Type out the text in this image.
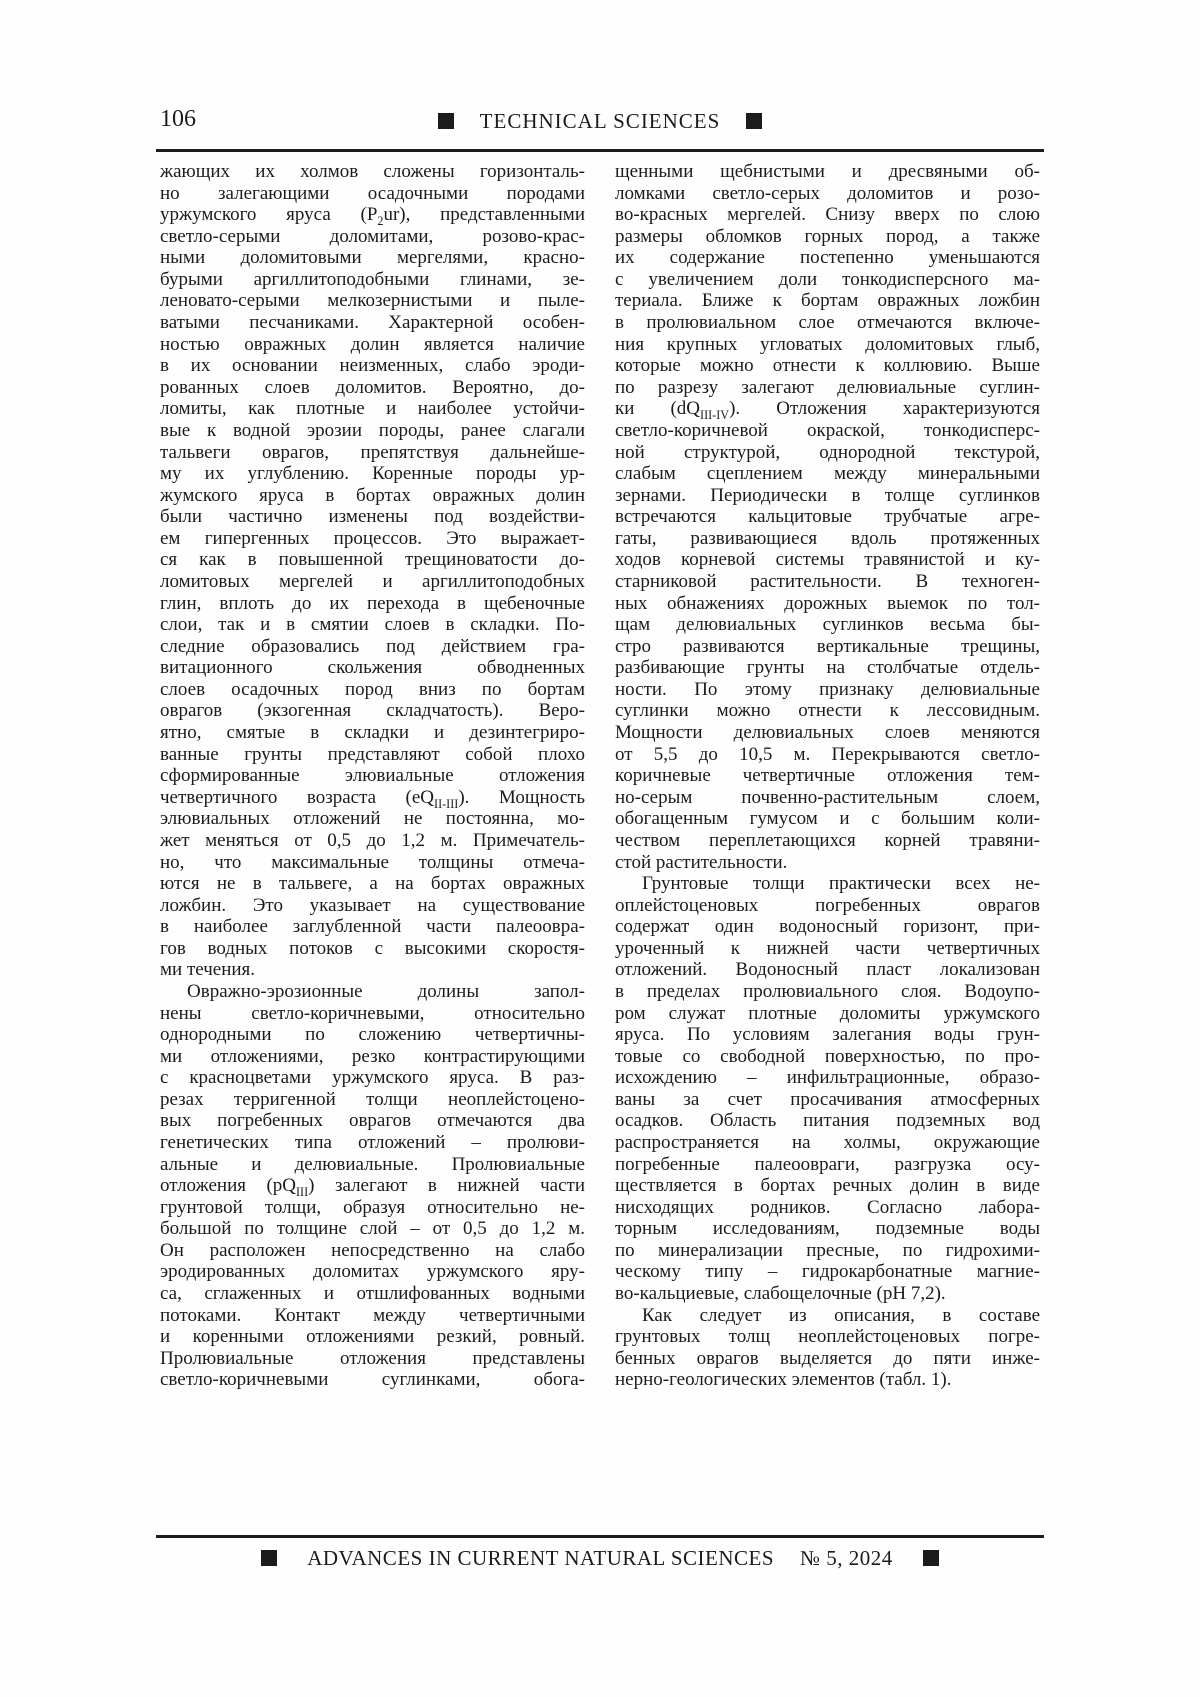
106	TECHNICAL SCIENCES
жающих их холмов сложены горизонталь-
но залегающими осадочными породами
уржумского яруса $(P_2ur)$, представленными
светло-серыми доломитами, розово-крас-
ными доломитовыми мергелями, красно-
бурыми аргиллитоподобными глинами, зе-
леновато-серыми мелкозернистыми и пыле-
ватыми песчаниками. Характерной особен-
ностью овражных долин является наличие
в их основании неизменных, слабо эроди-
рованных слоев доломитов. Вероятно, до-
ломиты, как плотные и наиболее устойчи-
вые к водной эрозии породы, ранее слагали
тальвеги оврагов, препятствуя дальнейше-
му их углублению. Коренные породы ур-
жумского яруса в бортах овражных долин
были частично изменены под воздействи-
ем гипергенных процессов. Это выражает-
ся как в повышенной трещиноватости до-
ломитовых мергелей и аргиллитоподобных
глин, вплоть до их перехода в щебеночные
слои, так и в смятии слоев в складки. По-
следние образовались под действием гра-
витационного скольжения обводненных
слоев осадочных пород вниз по бортам
оврагов (экзогенная складчатость). Веро-
ятно, смятые в складки и дезинтегриро-
ванные грунты представляют собой плохо
сформированные элювиальные отложения
четвертичного возраста $(eQ_{II-III})$. Мощность
элювиальных отложений не постоянна, мо-
жет меняться от 0,5 до 1,2 м. Примечатель-
но, что максимальные толщины отмеча-
ются не в тальвеге, а на бортах овражных
ложбин. Это указывает на существование
в наиболее заглубленной части палеоовра-
гов водных потоков с высокими скоростя-
ми течения.
Овражно-эрозионные долины запол-
нены светло-коричневыми, относительно
однородными по сложению четвертичны-
ми отложениями, резко контрастирующими
с красноцветами уржумского яруса. В раз-
резах терригенной толщи неоплейстоцено-
вых погребенных оврагов отмечаются два
генетических типа отложений – пролюви-
альные и делювиальные. Пролювиальные
отложения $(pQ_{III})$ залегают в нижней части
грунтовой толщи, образуя относительно не-
большой по толщине слой – от 0,5 до 1,2 м.
Он расположен непосредственно на слабо
эродированных доломитах уржумского яру-
са, сглаженных и отшлифованных водными
потоками. Контакт между четвертичными
и коренными отложениями резкий, ровный.
Пролювиальные отложения представлены
светло-коричневыми суглинками, обога-
щенными щебнистыми и дресвяными об-
ломками светло-серых доломитов и розо-
во-красных мергелей. Снизу вверх по слою
размеры обломков горных пород, а также
их содержание постепенно уменьшаются
с увеличением доли тонкодисперсного ма-
териала. Ближе к бортам овражных ложбин
в пролювиальном слое отмечаются включе-
ния крупных угловатых доломитовых глыб,
которые можно отнести к коллювию. Выше
по разрезу залегают делювиальные суглин-
ки $(dQ_{III-IV})$. Отложения характеризуются
светло-коричневой окраской, тонкодисперс-
ной структурой, однородной текстурой,
слабым сцеплением между минеральными
зернами. Периодически в толще суглинков
встречаются кальцитовые трубчатые агре-
гаты, развивающиеся вдоль протяженных
ходов корневой системы травянистой и ку-
старниковой растительности. В техноген-
ных обнажениях дорожных выемок по тол-
щам делювиальных суглинков весьма бы-
стро развиваются вертикальные трещины,
разбивающие грунты на столбчатые отдель-
ности. По этому признаку делювиальные
суглинки можно отнести к лессовидным.
Мощности делювиальных слоев меняются
от 5,5 до 10,5 м. Перекрываются светло-
коричневые четвертичные отложения тем-
но-серым почвенно-растительным слоем,
обогащенным гумусом и с большим коли-
чеством переплетающихся корней травяни-
стой растительности.
Грунтовые толщи практически всех не-
оплейстоценовых погребенных оврагов
содержат один водоносный горизонт, при-
уроченный к нижней части четвертичных
отложений. Водоносный пласт локализован
в пределах пролювиального слоя. Водоупо-
ром служат плотные доломиты уржумского
яруса. По условиям залегания воды грун-
товые со свободной поверхностью, по про-
исхождению – инфильтрационные, образо-
ваны за счет просачивания атмосферных
осадков. Область питания подземных вод
распространяется на холмы, окружающие
погребенные палеоовраги, разгрузка осу-
ществляется в бортах речных долин в виде
нисходящих родников. Согласно лабора-
торным исследованиям, подземные воды
по минерализации пресные, по гидрохими-
ческому типу – гидрокарбонатные магние-
во-кальциевые, слабощелочные (pH 7,2).
Как следует из описания, в составе
грунтовых толщ неоплейстоценовых погре-
бенных оврагов выделяется до пяти инже-
нерно-геологических элементов (табл. 1).
ADVANCES IN CURRENT NATURAL SCIENCES № 5, 2024
